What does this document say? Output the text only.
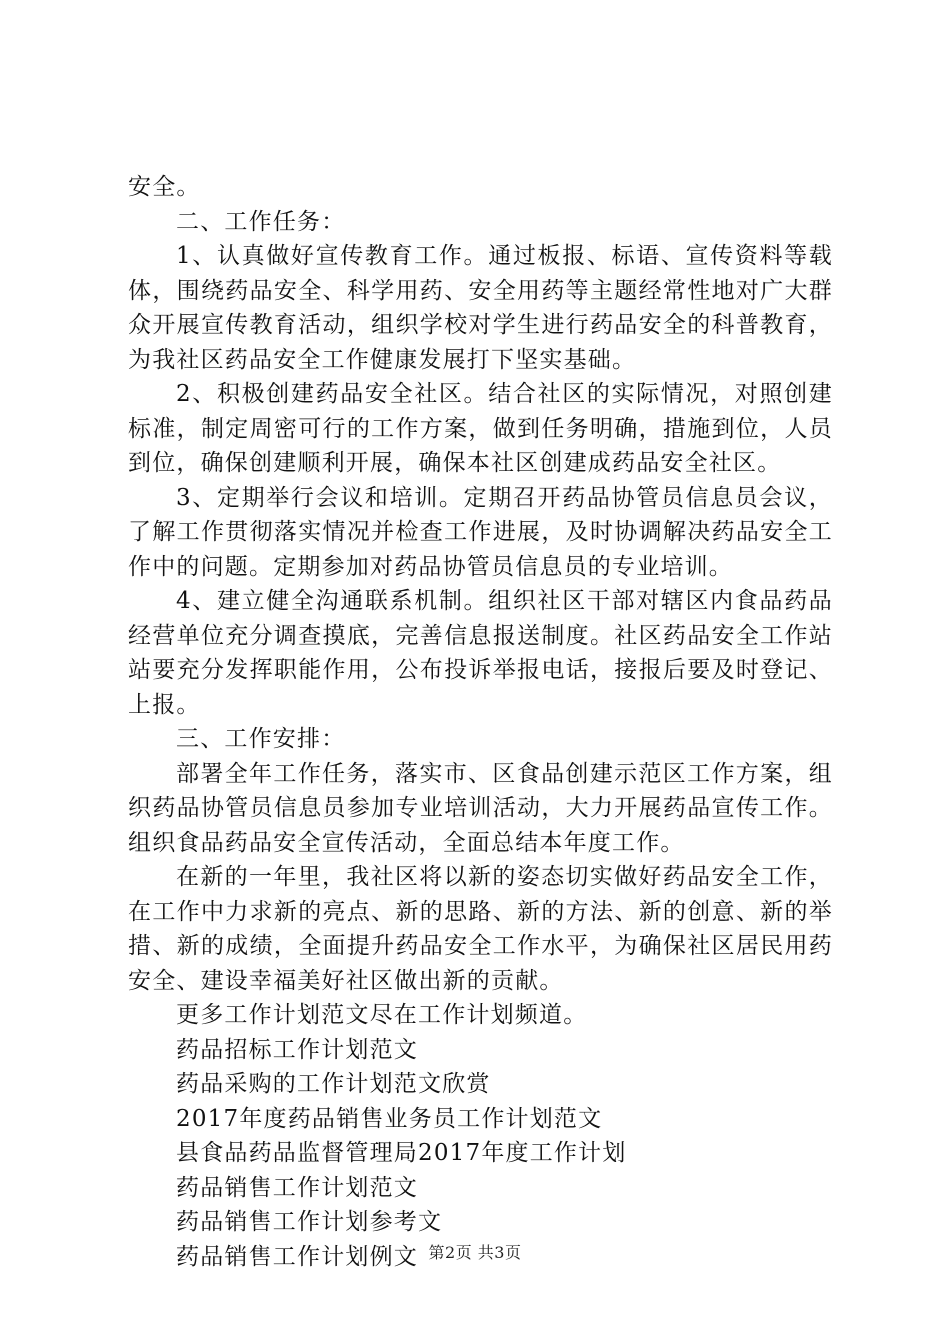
安全。

二、工作任务：

1、认真做好宣传教育工作。通过板报、标语、宣传资料等载体，围绕药品安全、科学用药、安全用药等主题经常性地对广大群众开展宣传教育活动，组织学校对学生进行药品安全的科普教育，为我社区药品安全工作健康发展打下坚实基础。

2、积极创建药品安全社区。结合社区的实际情况，对照创建标准，制定周密可行的工作方案，做到任务明确，措施到位，人员到位，确保创建顺利开展，确保本社区创建成药品安全社区。

3、定期举行会议和培训。定期召开药品协管员信息员会议，了解工作贯彻落实情况并检查工作进展，及时协调解决药品安全工作中的问题。定期参加对药品协管员信息员的专业培训。

4、建立健全沟通联系机制。组织社区干部对辖区内食品药品经营单位充分调查摸底，完善信息报送制度。社区药品安全工作站站要充分发挥职能作用，公布投诉举报电话，接报后要及时登记、上报。

三、工作安排：

部署全年工作任务，落实市、区食品创建示范区工作方案，组织药品协管员信息员参加专业培训活动，大力开展药品宣传工作。组织食品药品安全宣传活动，全面总结本年度工作。

在新的一年里，我社区将以新的姿态切实做好药品安全工作，在工作中力求新的亮点、新的思路、新的方法、新的创意、新的举措、新的成绩，全面提升药品安全工作水平，为确保社区居民用药安全、建设幸福美好社区做出新的贡献。

更多工作计划范文尽在工作计划频道。

药品招标工作计划范文

药品采购的工作计划范文欣赏

2017年度药品销售业务员工作计划范文

县食品药品监督管理局2017年度工作计划

药品销售工作计划范文

药品销售工作计划参考文

药品销售工作计划例文 第2页 共3页
